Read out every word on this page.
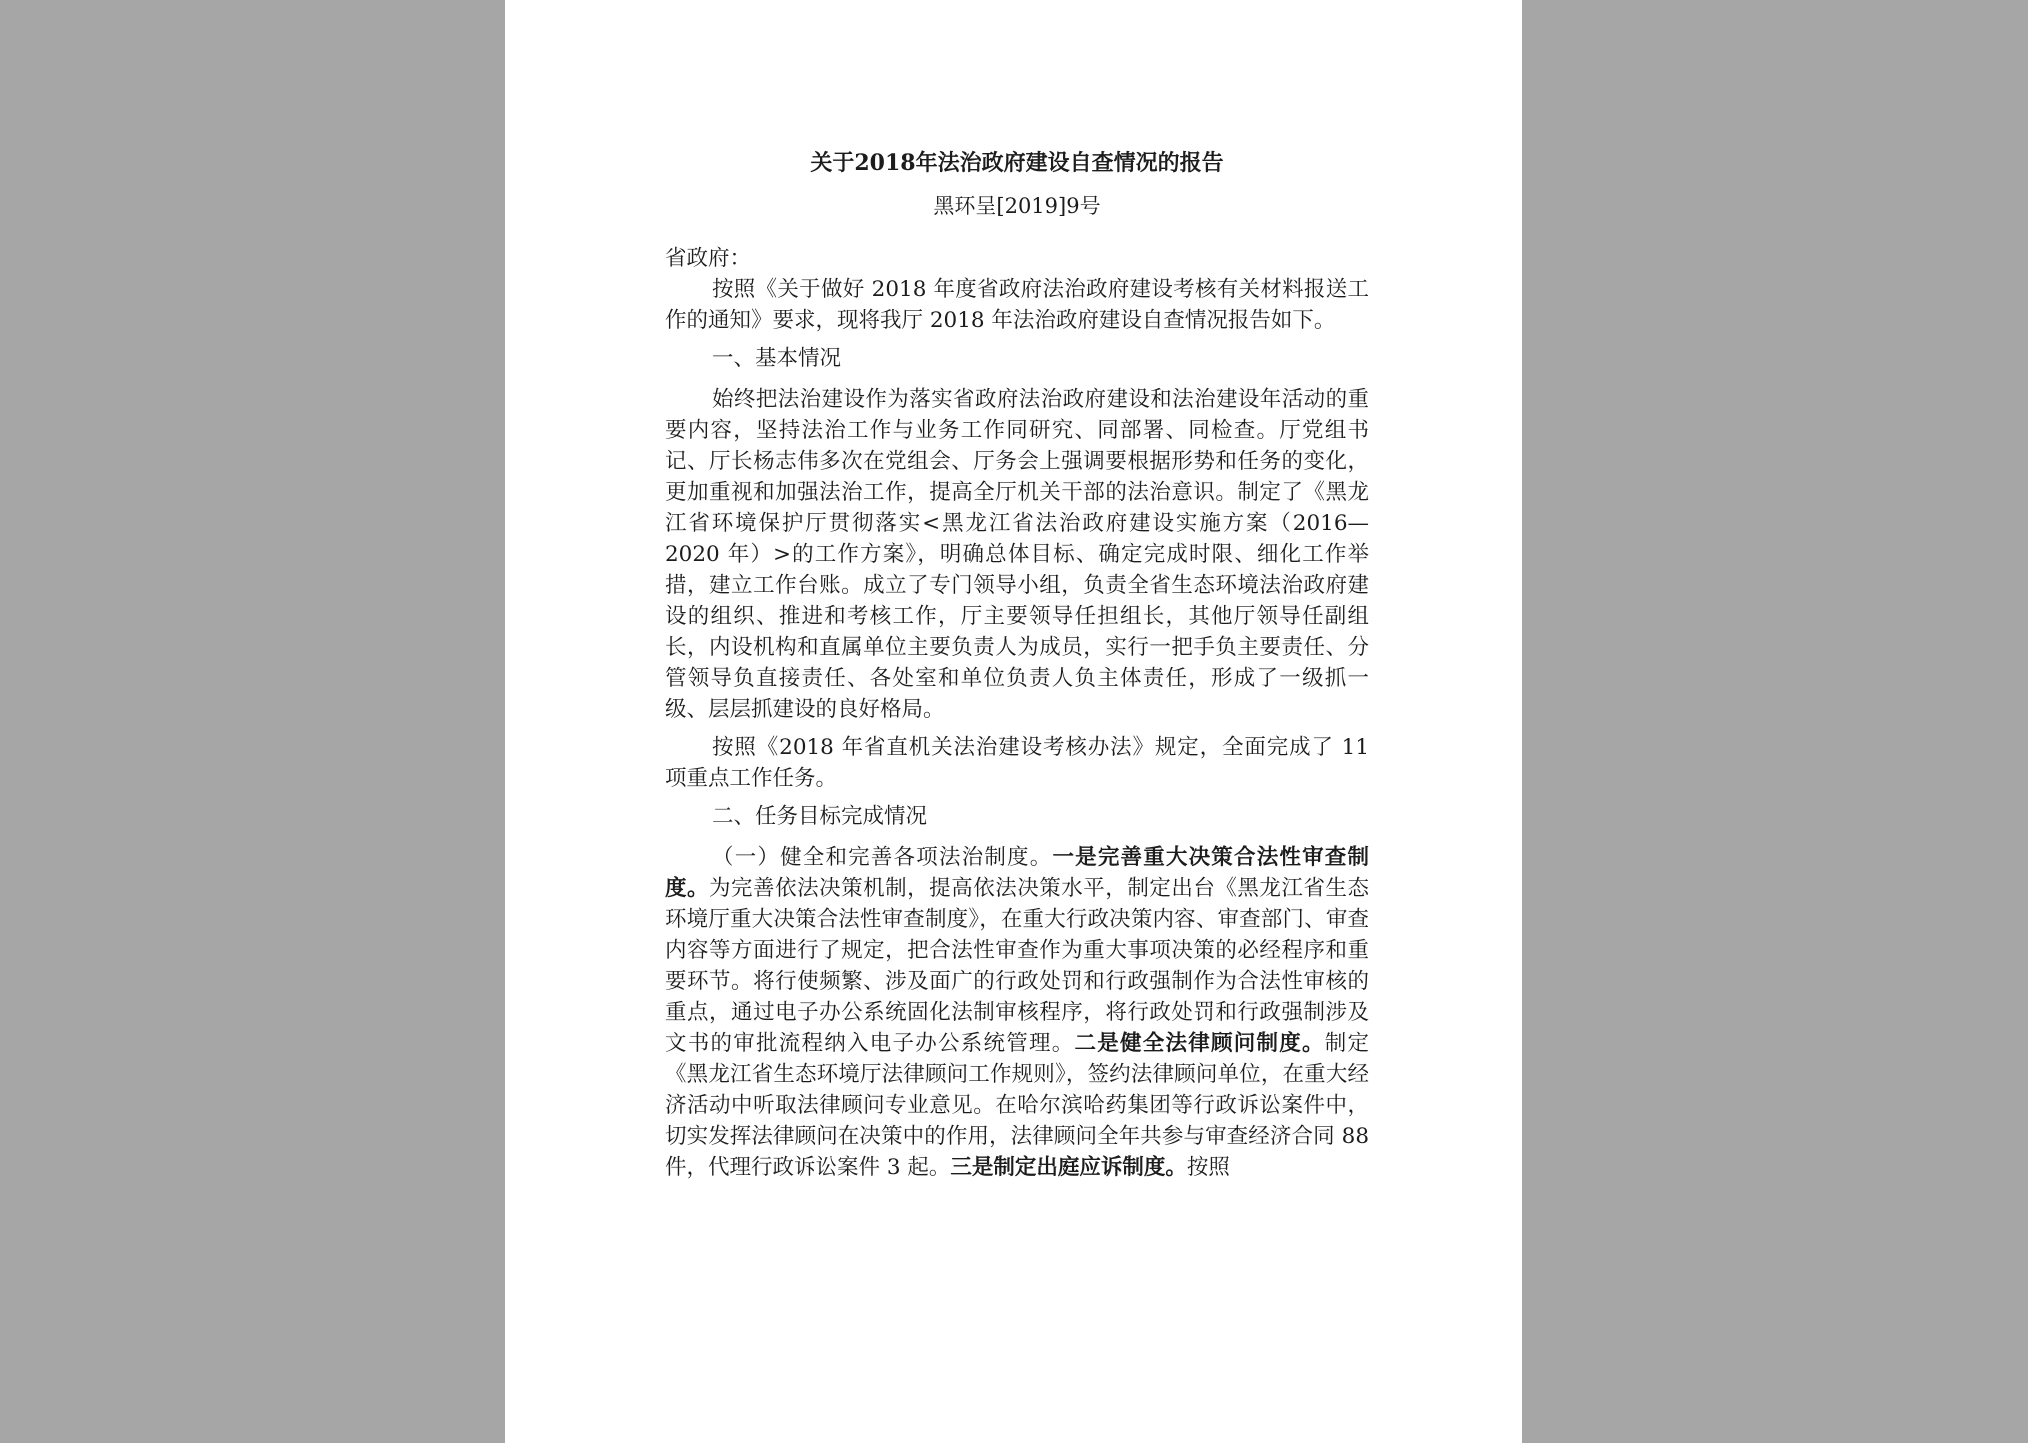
关于2018年法治政府建设自查情况的报告
黑环呈[2019]9号

省政府：

按照《关于做好 2018 年度省政府法治政府建设考核有关材料报送工作的通知》要求，现将我厅 2018 年法治政府建设自查情况报告如下。

一、基本情况

始终把法治建设作为落实省政府法治政府建设和法治建设年活动的重要内容，坚持法治工作与业务工作同研究、同部署、同检查。厅党组书记、厅长杨志伟多次在党组会、厅务会上强调要根据形势和任务的变化，更加重视和加强法治工作，提高全厅机关干部的法治意识。制定了《黑龙江省环境保护厅贯彻落实<黑龙江省法治政府建设实施方案（2016—2020 年）>的工作方案》，明确总体目标、确定完成时限、细化工作举措，建立工作台账。成立了专门领导小组，负责全省生态环境法治政府建设的组织、推进和考核工作，厅主要领导任担组长，其他厅领导任副组长，内设机构和直属单位主要负责人为成员，实行一把手负主要责任、分管领导负直接责任、各处室和单位负责人负主体责任，形成了一级抓一级、层层抓建设的良好格局。

按照《2018 年省直机关法治建设考核办法》规定，全面完成了 11 项重点工作任务。

二、任务目标完成情况

（一）健全和完善各项法治制度。一是完善重大决策合法性审查制度。为完善依法决策机制，提高依法决策水平，制定出台《黑龙江省生态环境厅重大决策合法性审查制度》，在重大行政决策内容、审查部门、审查内容等方面进行了规定，把合法性审查作为重大事项决策的必经程序和重要环节。将行使频繁、涉及面广的行政处罚和行政强制作为合法性审核的重点，通过电子办公系统固化法制审核程序，将行政处罚和行政强制涉及文书的审批流程纳入电子办公系统管理。二是健全法律顾问制度。制定《黑龙江省生态环境厅法律顾问工作规则》，签约法律顾问单位，在重大经济活动中听取法律顾问专业意见。在哈尔滨哈药集团等行政诉讼案件中，切实发挥法律顾问在决策中的作用，法律顾问全年共参与审查经济合同 88 件，代理行政诉讼案件 3 起。三是制定出庭应诉制度。按照
